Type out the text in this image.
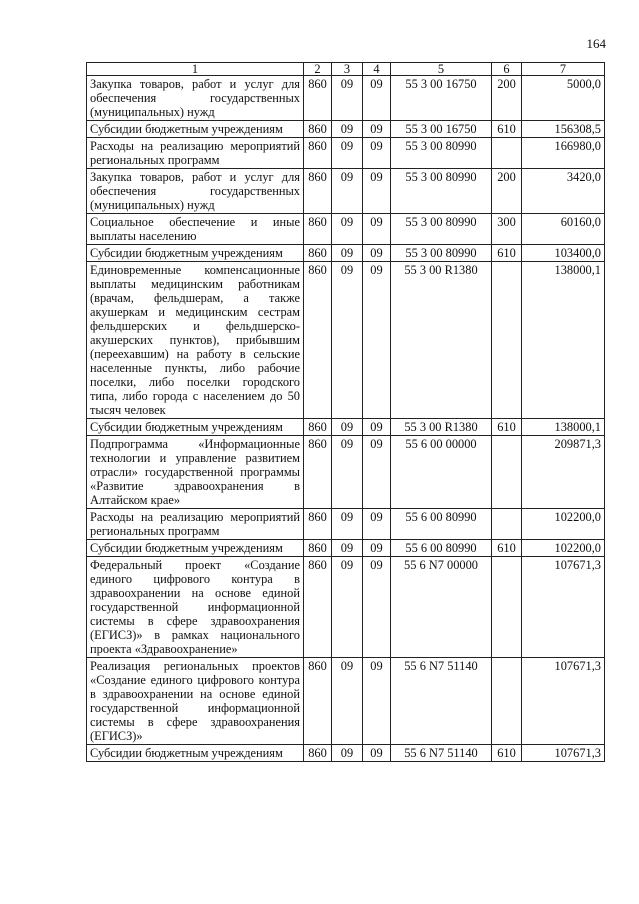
164
1	2	3	4	5	6	7
Закупка товаров, работ и услуг для обеспечения государственных (муниципальных) нужд	860	09	09	55 3 00 16750	200	5000,0
Субсидии бюджетным учреждениям	860	09	09	55 3 00 16750	610	156308,5
Расходы на реализацию мероприятий региональных программ	860	09	09	55 3 00 80990		166980,0
Закупка товаров, работ и услуг для обеспечения государственных (муниципальных) нужд	860	09	09	55 3 00 80990	200	3420,0
Социальное обеспечение и иные выплаты населению	860	09	09	55 3 00 80990	300	60160,0
Субсидии бюджетным учреждениям	860	09	09	55 3 00 80990	610	103400,0
Единовременные компенсационные выплаты медицинским работникам (врачам, фельдшерам, а также акушеркам и медицинским сестрам фельдшерских и фельдшерско-акушерских пунктов), прибывшим (переехавшим) на работу в сельские населенные пункты, либо рабочие поселки, либо поселки городского типа, либо города с населением до 50 тысяч человек	860	09	09	55 3 00 R1380		138000,1
Субсидии бюджетным учреждениям	860	09	09	55 3 00 R1380	610	138000,1
Подпрограмма «Информационные технологии и управление развитием отрасли» государственной программы «Развитие здравоохранения в Алтайском крае»	860	09	09	55 6 00 00000		209871,3
Расходы на реализацию мероприятий региональных программ	860	09	09	55 6 00 80990		102200,0
Субсидии бюджетным учреждениям	860	09	09	55 6 00 80990	610	102200,0
Федеральный проект «Создание единого цифрового контура в здравоохранении на основе единой государственной информационной системы в сфере здравоохранения (ЕГИСЗ)» в рамках национального проекта «Здравоохранение»	860	09	09	55 6 N7 00000		107671,3
Реализация региональных проектов «Создание единого цифрового контура в здравоохранении на основе единой государственной информационной системы в сфере здравоохранения (ЕГИСЗ)»	860	09	09	55 6 N7 51140		107671,3
Субсидии бюджетным учреждениям	860	09	09	55 6 N7 51140	610	107671,3
